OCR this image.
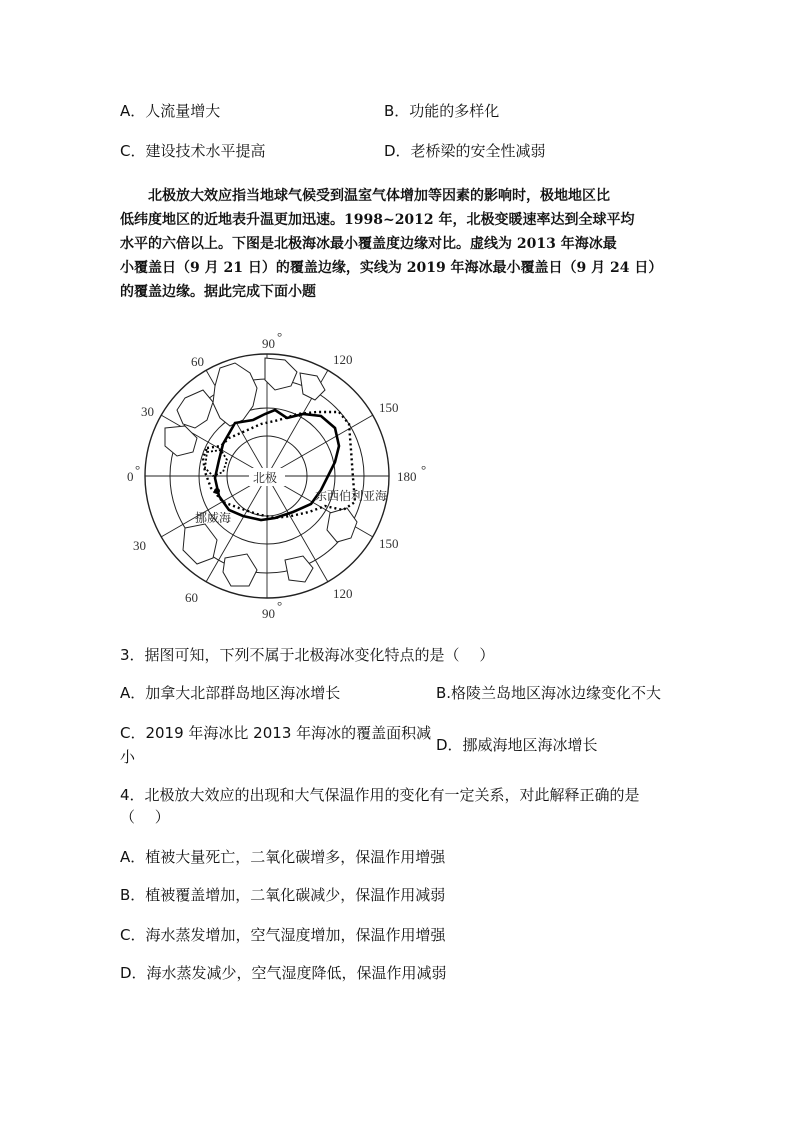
A．人流量增大	B．功能的多样化
C．建设技术水平提高	D．老桥梁的安全性减弱
北极放大效应指当地球气候受到温室气体增加等因素的影响时，极地地区比
低纬度地区的近地表升温更加迅速。1998~2012 年，北极变暖速率达到全球平均
水平的六倍以上。下图是北极海冰最小覆盖度边缘对比。虚线为 2013 年海冰最
小覆盖日（9 月 21 日）的覆盖边缘，实线为 2019 年海冰最小覆盖日（9 月 24 日）
的覆盖边缘。据此完成下面小题
90 °
90
°
0 °	180 °
60
30
30
60
120
150
150
120
北极
挪威海
东西伯利亚海
3．据图可知，下列不属于北极海冰变化特点的是（　 ）
A．加拿大北部群岛地区海冰增长	B.格陵兰岛地区海冰边缘变化不大
C．2019 年海冰比 2013 年海冰的覆盖面积减
小
D．挪威海地区海冰增长
4．北极放大效应的出现和大气保温作用的变化有一定关系，对此解释正确的是
（　 ）
A．植被大量死亡，二氧化碳增多，保温作用增强
B．植被覆盖增加，二氧化碳减少，保温作用减弱
C．海水蒸发增加，空气湿度增加，保温作用增强
D．海水蒸发减少，空气湿度降低，保温作用减弱
